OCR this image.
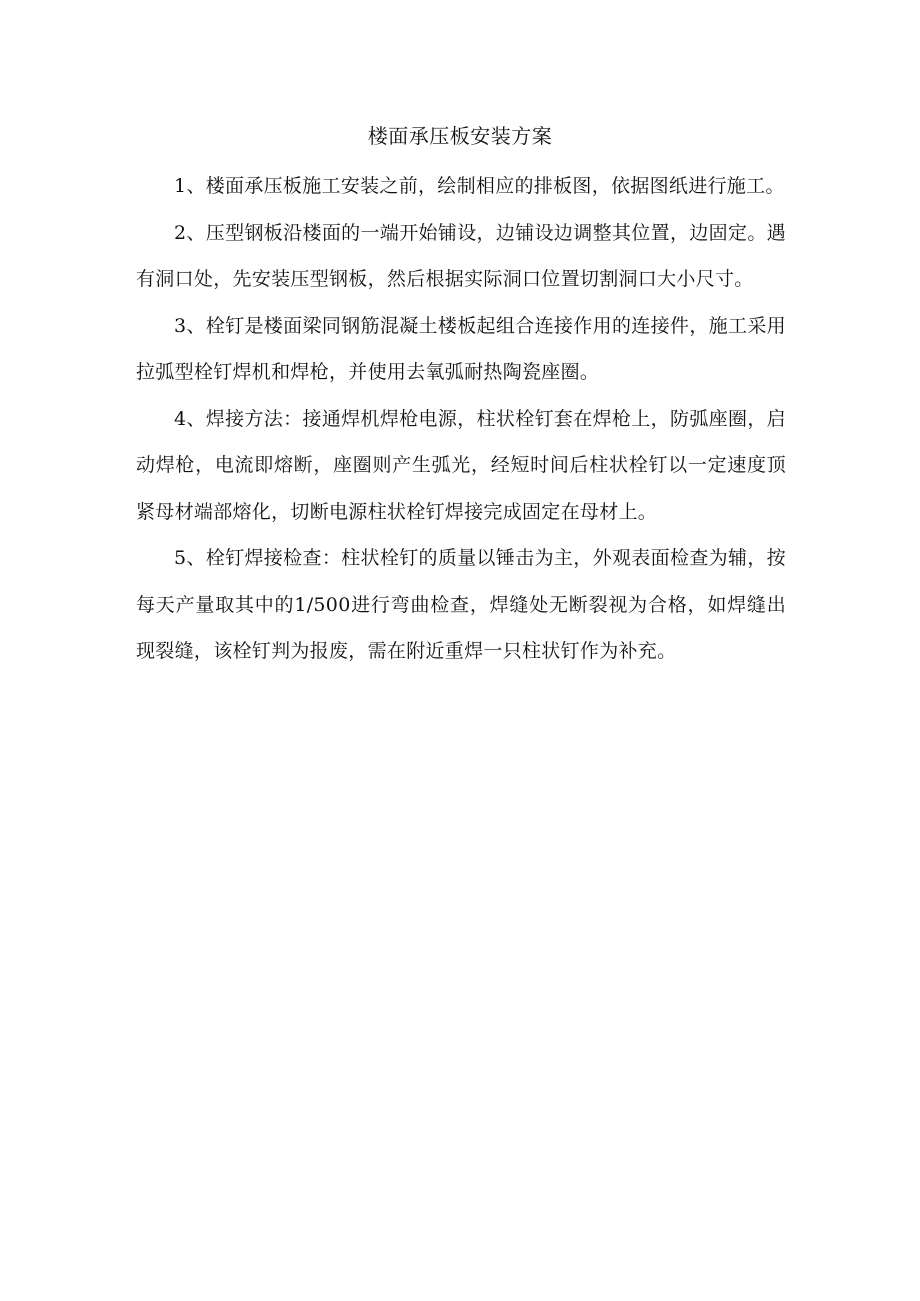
楼面承压板安装方案

1、楼面承压板施工安装之前，绘制相应的排板图，依据图纸进行施工。

2、压型钢板沿楼面的一端开始铺设，边铺设边调整其位置，边固定。遇有洞口处，先安装压型钢板，然后根据实际洞口位置切割洞口大小尺寸。

3、栓钉是楼面梁同钢筋混凝土楼板起组合连接作用的连接件，施工采用拉弧型栓钉焊机和焊枪，并使用去氧弧耐热陶瓷座圈。

4、焊接方法：接通焊机焊枪电源，柱状栓钉套在焊枪上，防弧座圈，启动焊枪，电流即熔断，座圈则产生弧光，经短时间后柱状栓钉以一定速度顶紧母材端部熔化，切断电源柱状栓钉焊接完成固定在母材上。

5、栓钉焊接检查：柱状栓钉的质量以锤击为主，外观表面检查为辅，按每天产量取其中的1/500进行弯曲检查，焊缝处无断裂视为合格，如焊缝出现裂缝，该栓钉判为报废，需在附近重焊一只柱状钉作为补充。
